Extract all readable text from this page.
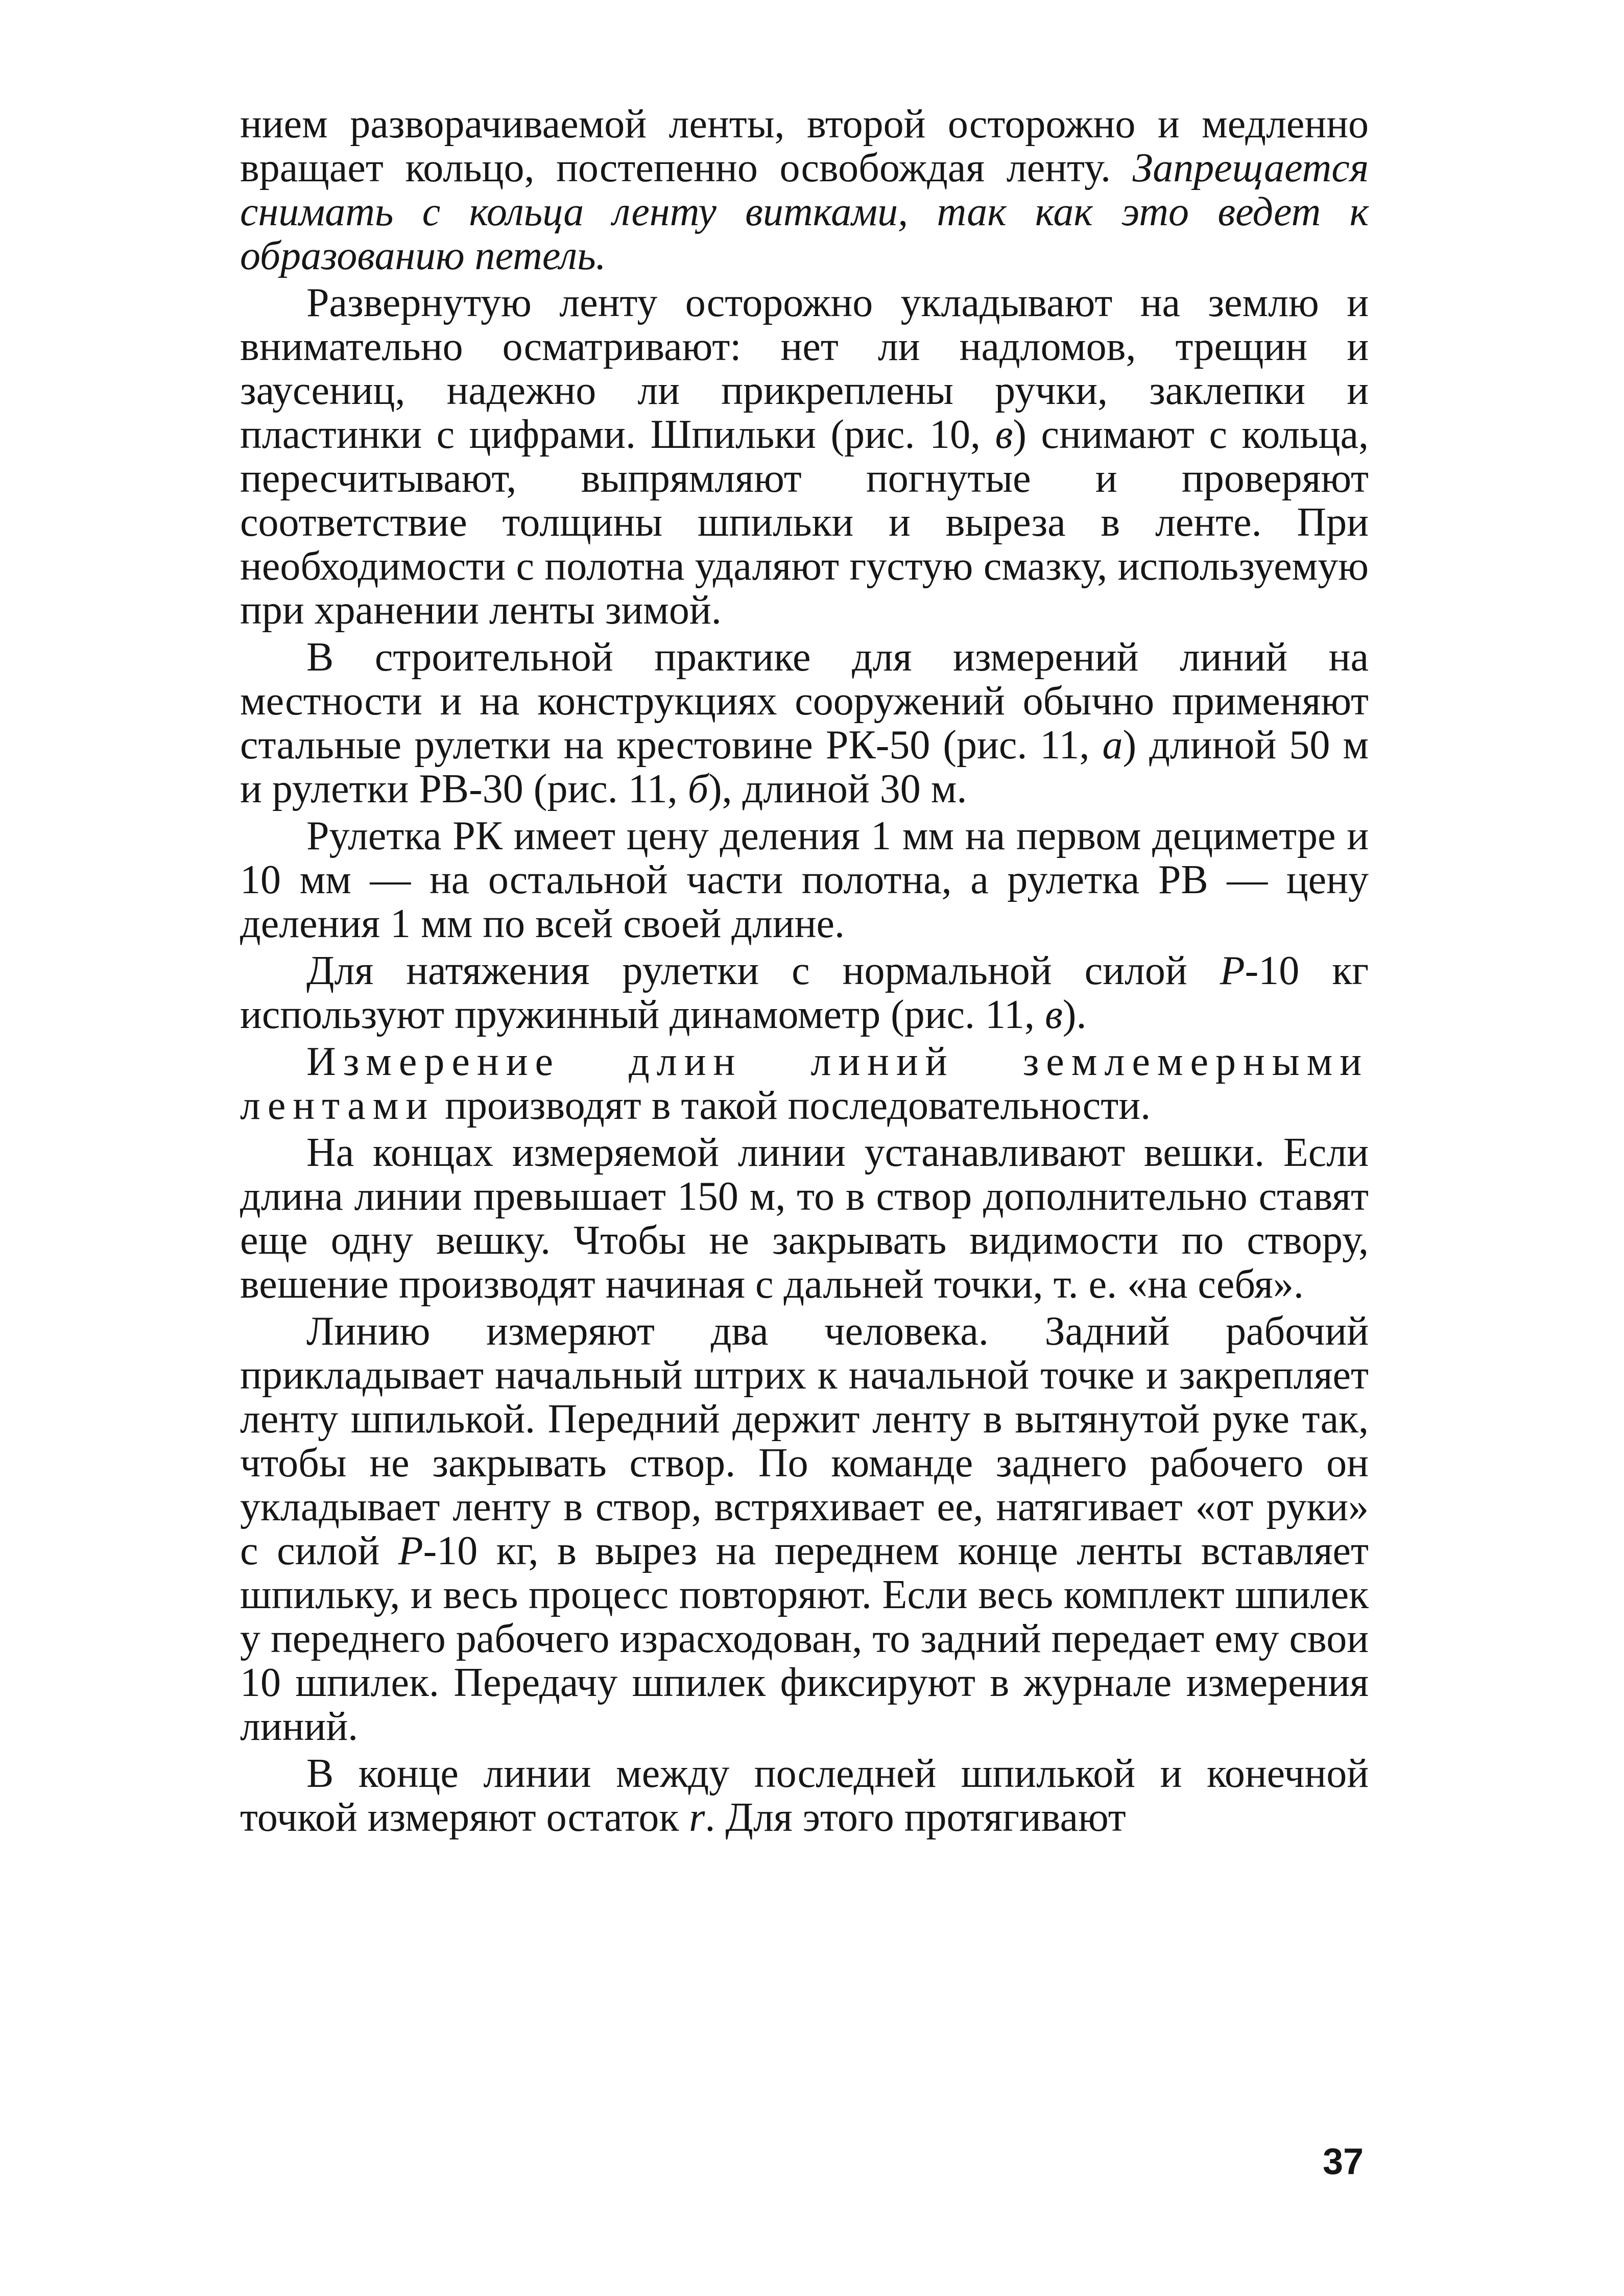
нием разворачиваемой ленты, второй осторожно и медленно вращает кольцо, постепенно освобождая ленту. Запрещается снимать с кольца ленту витками, так как это ведет к образованию петель.

Развернутую ленту осторожно укладывают на землю и внимательно осматривают: нет ли надломов, трещин и заусениц, надежно ли прикреплены ручки, заклепки и пластинки с цифрами. Шпильки (рис. 10, в) снимают с кольца, пересчитывают, выпрямляют погнутые и проверяют соответствие толщины шпильки и выреза в ленте. При необходимости с полотна удаляют густую смазку, используемую при хранении ленты зимой.

В строительной практике для измерений линий на местности и на конструкциях сооружений обычно применяют стальные рулетки на крестовине РК-50 (рис. 11, а) длиной 50 м и рулетки РВ-30 (рис. 11, б), длиной 30 м.

Рулетка РК имеет цену деления 1 мм на первом дециметре и 10 мм — на остальной части полотна, а рулетка РВ — цену деления 1 мм по всей своей длине.

Для натяжения рулетки с нормальной силой Р-10 кг используют пружинный динамометр (рис. 11, в).

Измерение длин линий землемерными лентами производят в такой последовательности.

На концах измеряемой линии устанавливают вешки. Если длина линии превышает 150 м, то в створ дополнительно ставят еще одну вешку. Чтобы не закрывать видимости по створу, вешение производят начиная с дальней точки, т. е. «на себя».

Линию измеряют два человека. Задний рабочий прикладывает начальный штрих к начальной точке и закрепляет ленту шпилькой. Передний держит ленту в вытянутой руке так, чтобы не закрывать створ. По команде заднего рабочего он укладывает ленту в створ, встряхивает ее, натягивает «от руки» с силой Р-10 кг, в вырез на переднем конце ленты вставляет шпильку, и весь процесс повторяют. Если весь комплект шпилек у переднего рабочего израсходован, то задний передает ему свои 10 шпилек. Передачу шпилек фиксируют в журнале измерения линий.

В конце линии между последней шпилькой и конечной точкой измеряют остаток r. Для этого протягивают

37
